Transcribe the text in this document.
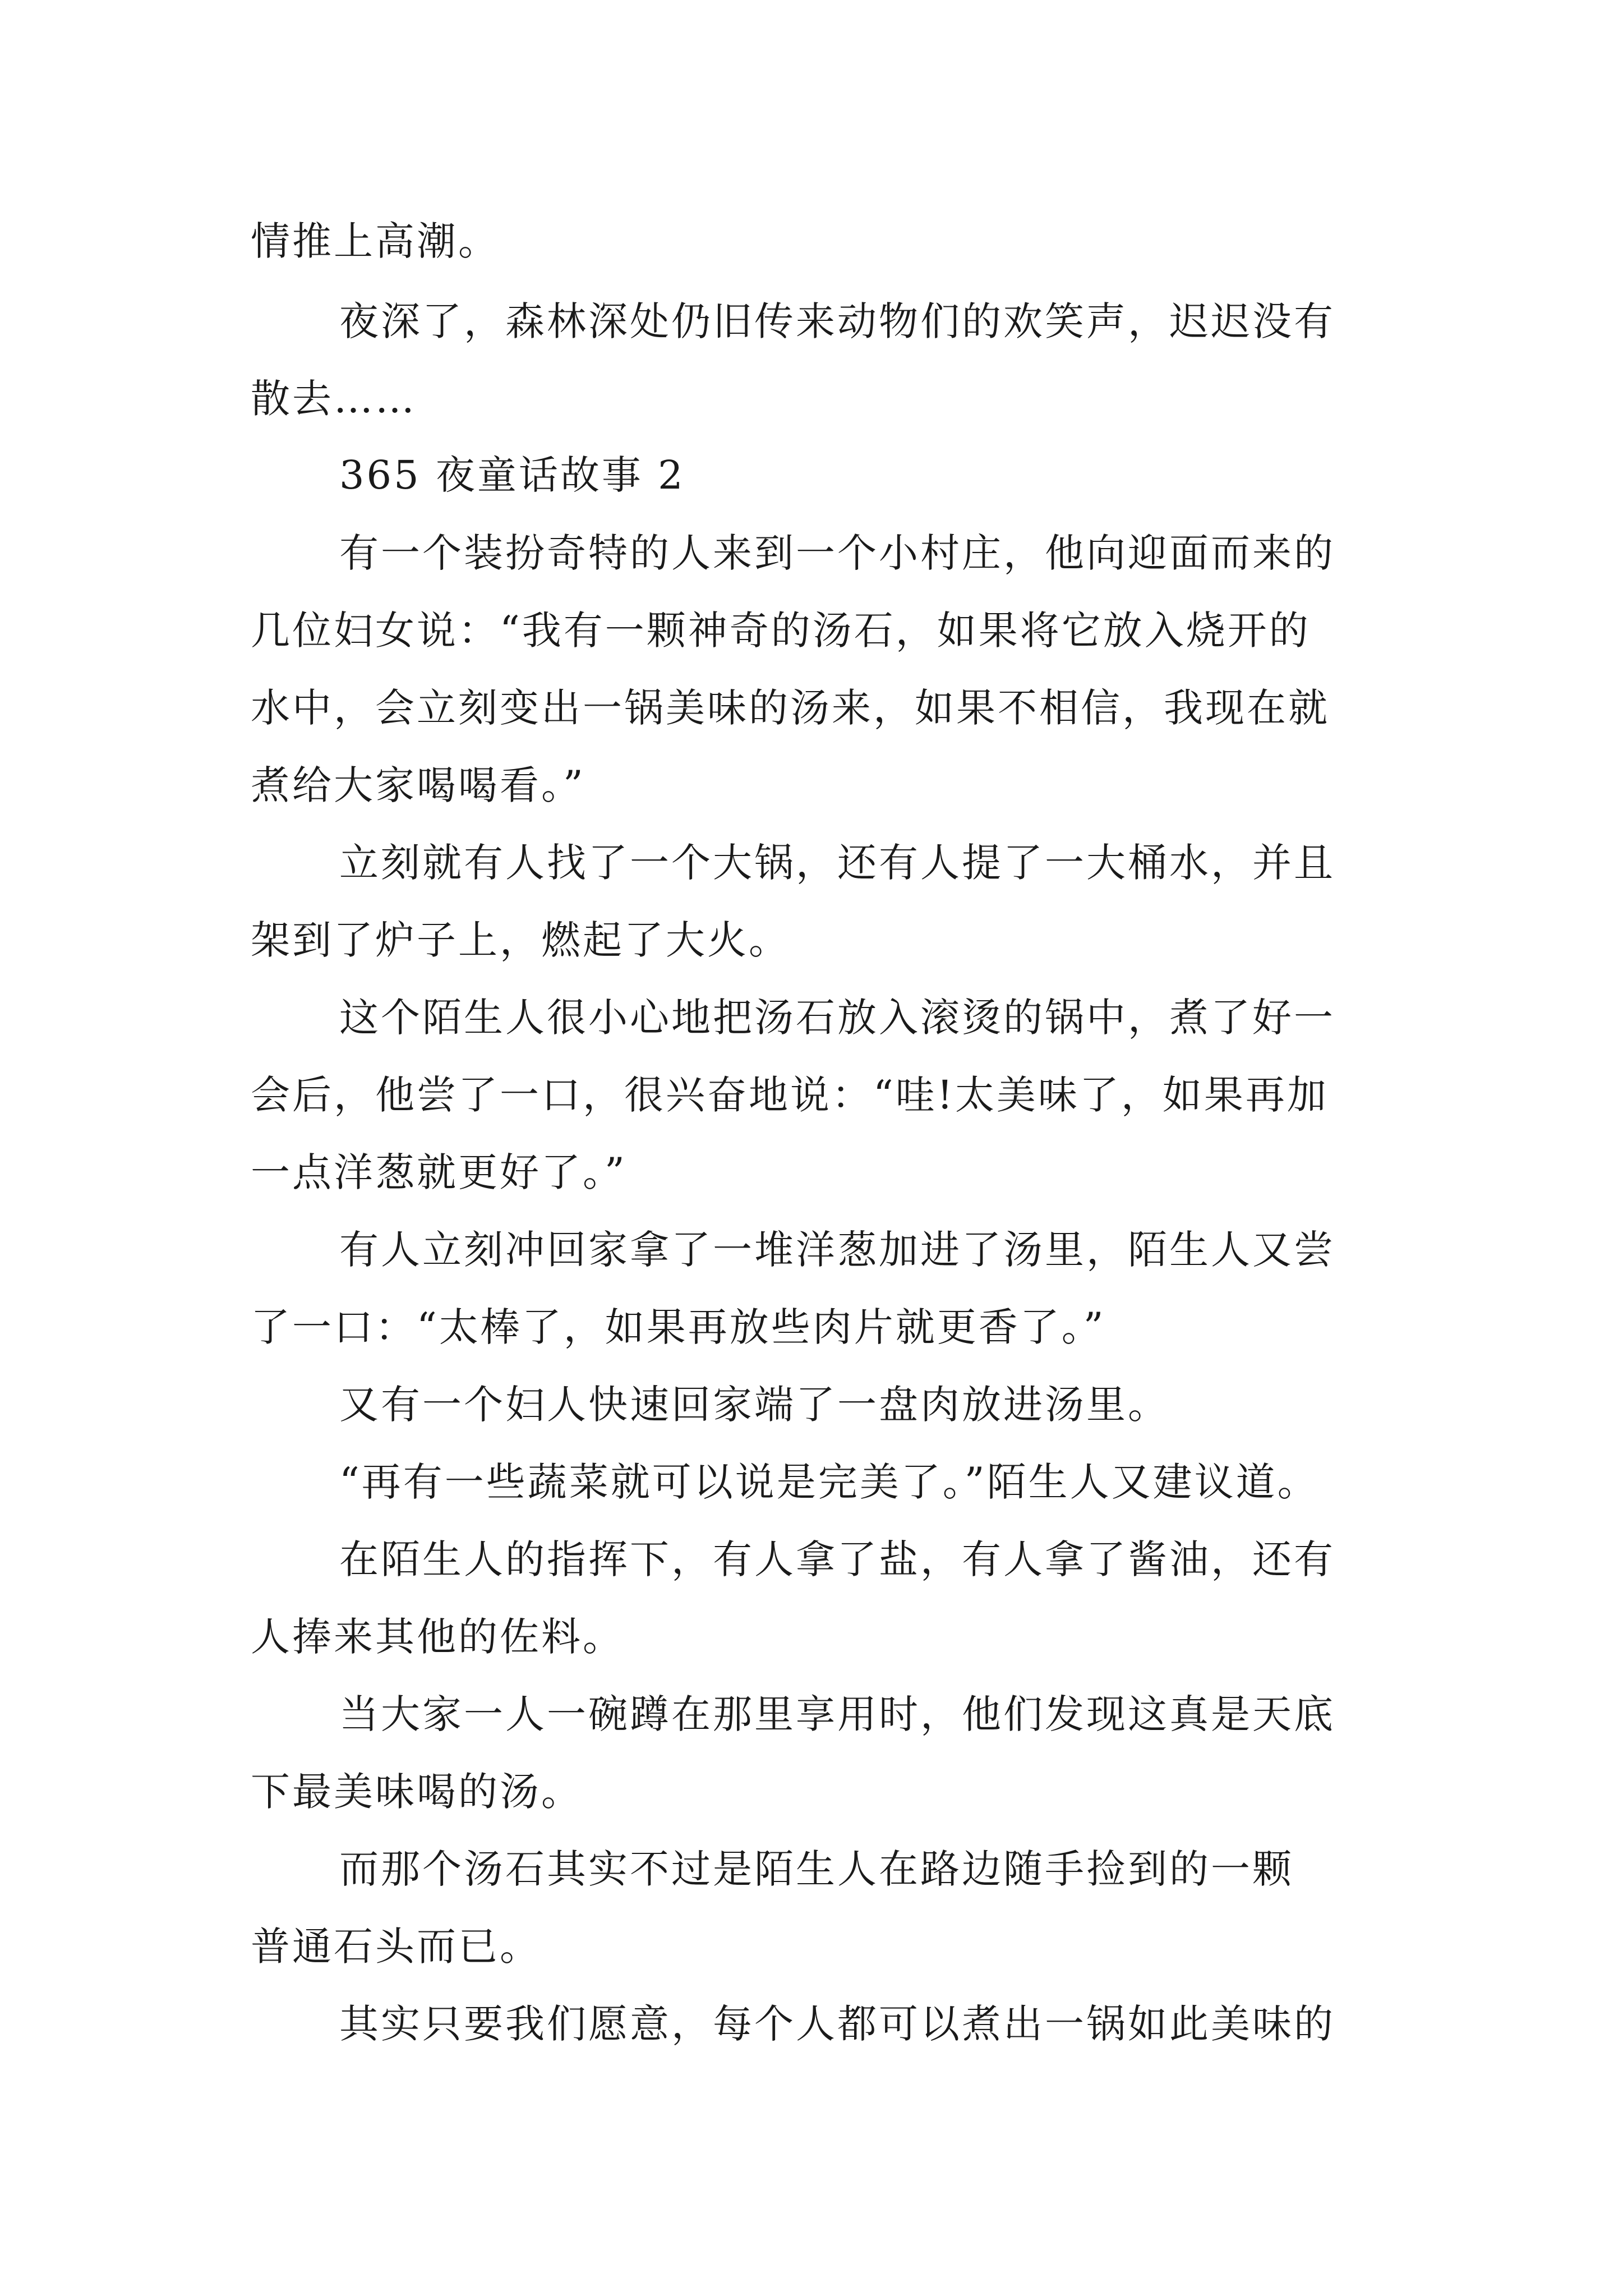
情推上高潮。
夜深了，森林深处仍旧传来动物们的欢笑声，迟迟没有
散去……
365 夜童话故事 2
有一个装扮奇特的人来到一个小村庄，他向迎面而来的
几位妇女说：“我有一颗神奇的汤石，如果将它放入烧开的
水中，会立刻变出一锅美味的汤来，如果不相信，我现在就
煮给大家喝喝看。”
立刻就有人找了一个大锅，还有人提了一大桶水，并且
架到了炉子上，燃起了大火。
这个陌生人很小心地把汤石放入滚烫的锅中，煮了好一
会后，他尝了一口，很兴奋地说：“哇!太美味了，如果再加
一点洋葱就更好了。”
有人立刻冲回家拿了一堆洋葱加进了汤里，陌生人又尝
了一口：“太棒了，如果再放些肉片就更香了。”
又有一个妇人快速回家端了一盘肉放进汤里。
“再有一些蔬菜就可以说是完美了。”陌生人又建议道。
在陌生人的指挥下，有人拿了盐，有人拿了酱油，还有
人捧来其他的佐料。
当大家一人一碗蹲在那里享用时，他们发现这真是天底
下最美味喝的汤。
而那个汤石其实不过是陌生人在路边随手捡到的一颗
普通石头而已。
其实只要我们愿意，每个人都可以煮出一锅如此美味的
